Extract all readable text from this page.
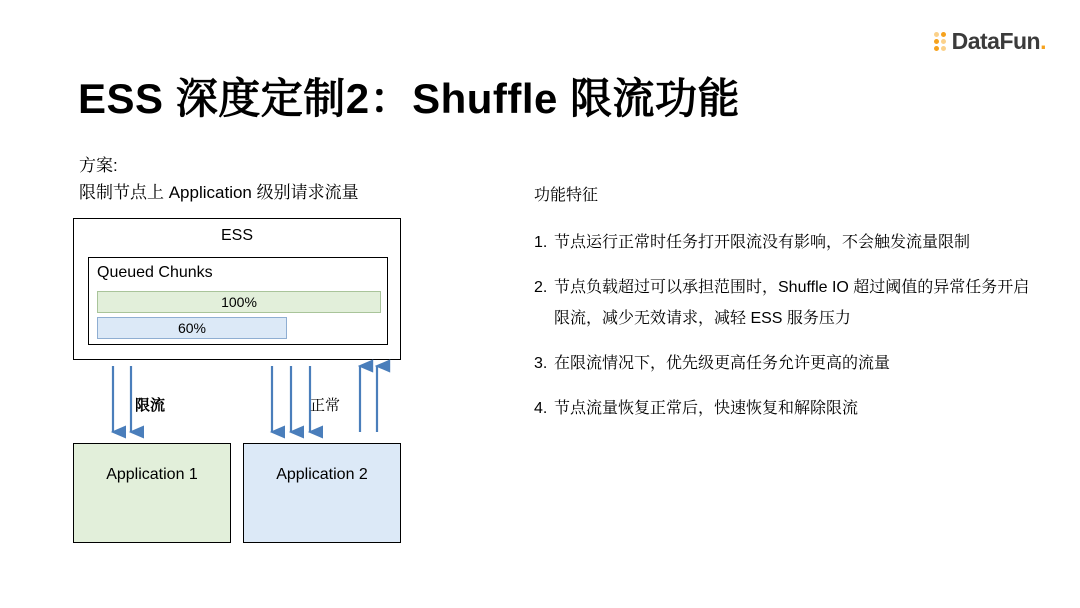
DataFun.
ESS 深度定制2：Shuffle 限流功能
方案:
限制节点上 Application 级别请求流量
ESS
Queued Chunks
100%
60%
限流	正常
Application 1	Application 2
功能特征
1. 节点运行正常时任务打开限流没有影响，不会触发流量限制
2. 节点负载超过可以承担范围时，Shuffle IO 超过阈值的异常任务开启限流，减少无效请求，减轻 ESS 服务压力
3. 在限流情况下，优先级更高任务允许更高的流量
4. 节点流量恢复正常后，快速恢复和解除限流
